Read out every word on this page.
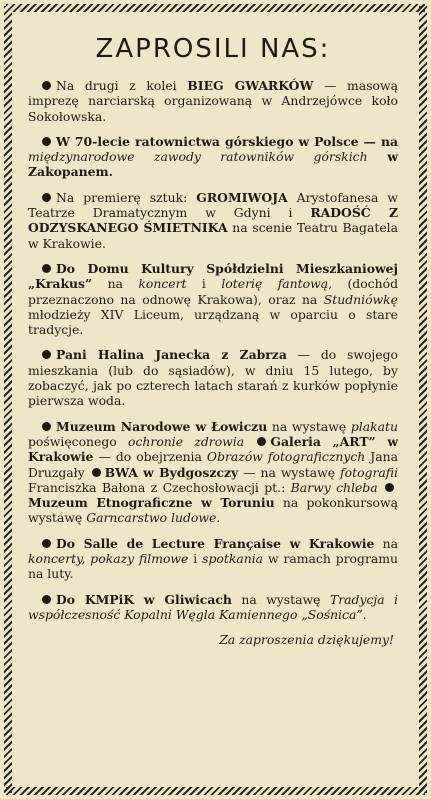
ZAPROSILI NAS:

Na drugi z kolei BIEG GWARKÓW — masową imprezę narciarską organizowaną w Andrzejówce koło Sokołowska.

W 70-lecie ratownictwa górskiego w Polsce — na międzynarodowe zawody ratowników górskich w Zakopanem.

Na premierę sztuk: GROMIWOJA Arystofanesa w Teatrze Dramatycznym w Gdyni i RADOŚĆ Z ODZYSKANEGO ŚMIETNIKA na scenie Teatru Bagatela w Krakowie.

Do Domu Kultury Spółdzielni Mieszkaniowej „Krakus” na koncert i loterię fantową, (dochód przeznaczono na odnowę Krakowa), oraz na Studniówkę młodzieży XIV Liceum, urządzaną w oparciu o stare tradycje.

Pani Halina Janecka z Zabrza — do swojego mieszkania (lub do sąsiadów), w dniu 15 lutego, by zobaczyć, jak po czterech latach starań z kurków popłynie pierwsza woda.

Muzeum Narodowe w Łowiczu na wystawę plakatu poświęconego ochronie zdrowia Galeria „ART” w Krakowie — do obejrzenia Obrazów fotograficznych Jana Druzgały BWA w Bydgoszczy — na wystawę fotografii Franciszka Bałona z Czechosłowacji pt.: Barwy chleba Muzeum Etnograficzne w Toruniu na pokonkursową wystawę Garncarstwo ludowe.

Do Salle de Lecture Française w Krakowie na koncerty, pokazy filmowe i spotkania w ramach programu na luty.

Do KMPiK w Gliwicach na wystawę Tradycja i współczesność Kopalni Węgla Kamiennego „Sośnica”.

Za zaproszenia dziękujemy!
